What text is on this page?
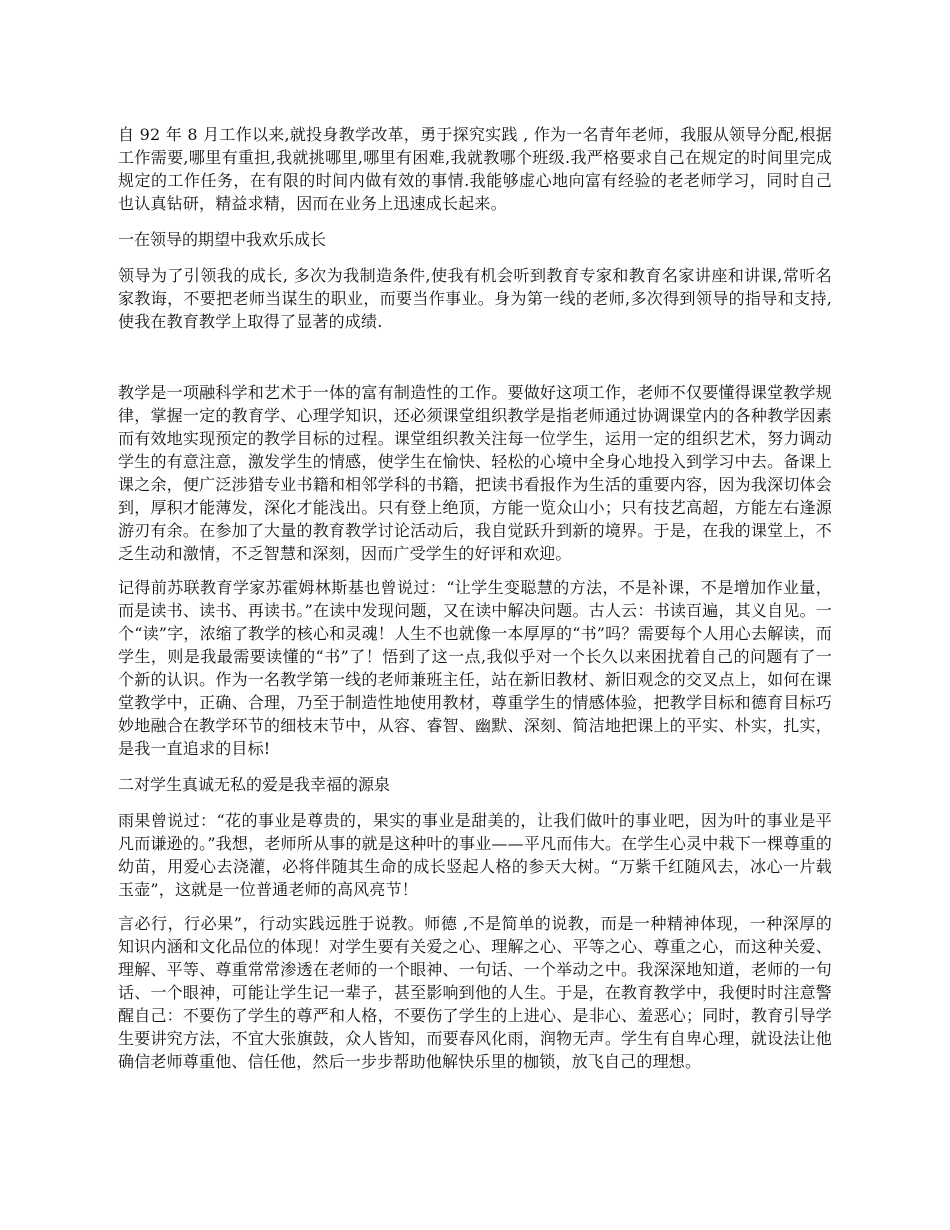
自 92 年 8 月工作以来,就投身教学改革，勇于探究实践 , 作为一名青年老师，我服从领导分配,根据工作需要,哪里有重担,我就挑哪里,哪里有困难,我就教哪个班级.我严格要求自己在规定的时间里完成规定的工作任务，在有限的时间内做有效的事情.我能够虚心地向富有经验的老老师学习，同时自己也认真钻研，精益求精，因而在业务上迅速成长起来。

一在领导的期望中我欢乐成长

领导为了引领我的成长, 多次为我制造条件,使我有机会听到教育专家和教育名家讲座和讲课,常听名家教诲，不要把老师当谋生的职业，而要当作事业。身为第一线的老师,多次得到领导的指导和支持,使我在教育教学上取得了显著的成绩.

教学是一项融科学和艺术于一体的富有制造性的工作。要做好这项工作，老师不仅要懂得课堂教学规律，掌握一定的教育学、心理学知识，还必须课堂组织教学是指老师通过协调课堂内的各种教学因素而有效地实现预定的教学目标的过程。课堂组织教关注每一位学生，运用一定的组织艺术，努力调动学生的有意注意，激发学生的情感，使学生在愉快、轻松的心境中全身心地投入到学习中去。备课上课之余，便广泛涉猎专业书籍和相邻学科的书籍，把读书看报作为生活的重要内容，因为我深切体会到，厚积才能薄发，深化才能浅出。只有登上绝顶，方能一览众山小；只有技艺高超，方能左右逢源游刃有余。在参加了大量的教育教学讨论活动后，我自觉跃升到新的境界。于是，在我的课堂上，不乏生动和激情，不乏智慧和深刻，因而广受学生的好评和欢迎。

记得前苏联教育学家苏霍姆林斯基也曾说过：“让学生变聪慧的方法，不是补课，不是增加作业量，而是读书、读书、再读书。”在读中发现问题，又在读中解决问题。古人云：书读百遍，其义自见。一个“读”字，浓缩了教学的核心和灵魂！人生不也就像一本厚厚的“书”吗？需要每个人用心去解读，而学生，则是我最需要读懂的“书”了！悟到了这一点,我似乎对一个长久以来困扰着自己的问题有了一个新的认识。作为一名教学第一线的老师兼班主任，站在新旧教材、新旧观念的交叉点上，如何在课堂教学中，正确、合理，乃至于制造性地使用教材，尊重学生的情感体验，把教学目标和德育目标巧妙地融合在教学环节的细枝末节中，从容、睿智、幽默、深刻、简洁地把课上的平实、朴实，扎实，是我一直追求的目标!

二对学生真诚无私的爱是我幸福的源泉

雨果曾说过：“花的事业是尊贵的，果实的事业是甜美的，让我们做叶的事业吧，因为叶的事业是平凡而谦逊的。”我想，老师所从事的就是这种叶的事业——平凡而伟大。在学生心灵中栽下一棵尊重的幼苗，用爱心去浇灌，必将伴随其生命的成长竖起人格的参天大树。“万紫千红随风去，冰心一片载玉壶”，这就是一位普通老师的高风亮节！

言必行，行必果”，行动实践远胜于说教。师德 ,不是简单的说教，而是一种精神体现，一种深厚的知识内涵和文化品位的体现！对学生要有关爱之心、理解之心、平等之心、尊重之心，而这种关爱、理解、平等、尊重常常渗透在老师的一个眼神、一句话、一个举动之中。我深深地知道，老师的一句话、一个眼神，可能让学生记一辈子，甚至影响到他的人生。于是，在教育教学中，我便时时注意警醒自己：不要伤了学生的尊严和人格，不要伤了学生的上进心、是非心、羞恶心；同时，教育引导学生要讲究方法，不宜大张旗鼓，众人皆知，而要春风化雨，润物无声。学生有自卑心理，就设法让他确信老师尊重他、信任他，然后一步步帮助他解快乐里的枷锁，放飞自己的理想。
